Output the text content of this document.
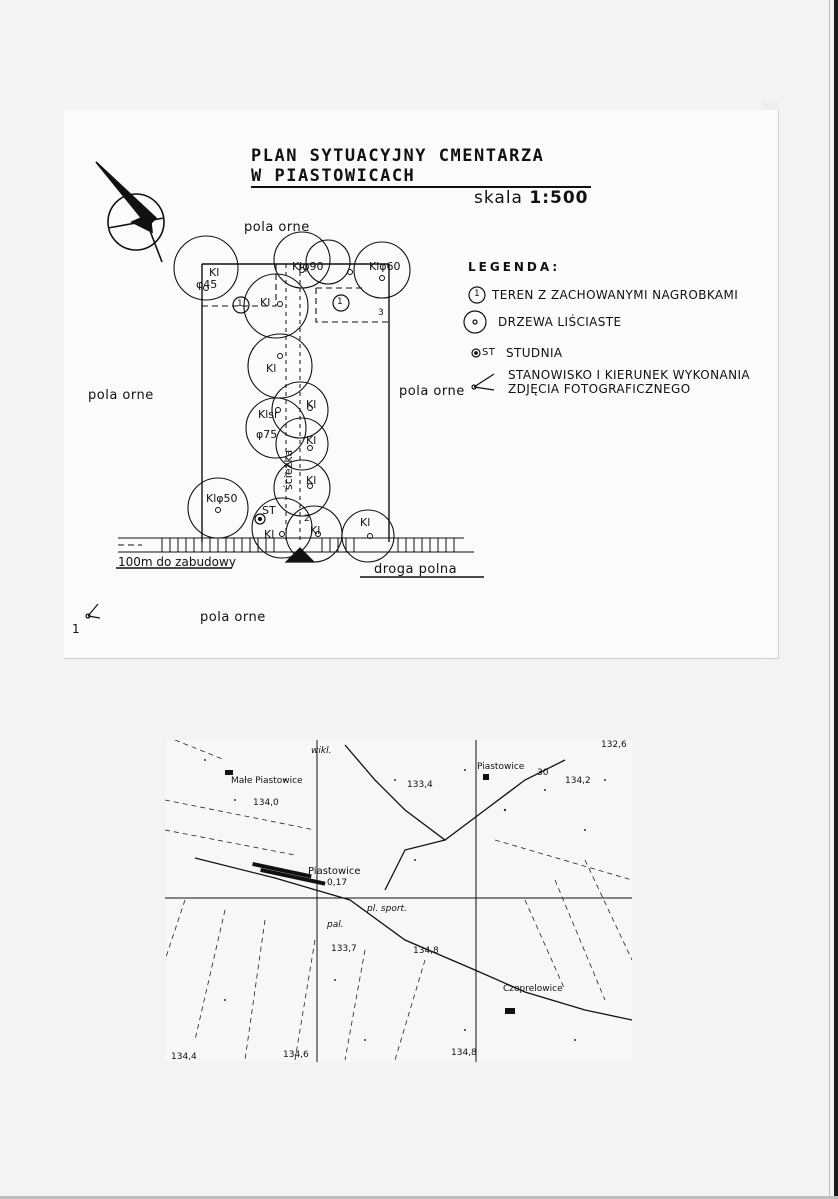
PLAN SYTUACYJNY CMENTARZA
W PIASTOWICACH
skala 1:500
pola orne
pola orne	pola orne
pola orne
droga polna
100m do zabudowy
ścieżka
1
Kl
φ45
Klφ90	Klφ60
Kl
Kl
Kl
Klsr
φ75	Kl
Kl
Kl	Kl
Klφ50
Kl
ST
1	1
2
3
LEGENDA:
1 TEREN Z ZACHOWANYMI NAGROBKAMI
DRZEWA LIŚCIASTE
ST STUDNIA
STANOWISKO I KIERUNEK WYKONANIA
ZDJĘCIA FOTOGRAFICZNEGO
Małe Piastowice
Piastowice
Piastowice
Czeprelowice
wikl.
pl. sport.
pal.
132,6
133,4	134,2
134,0
0,17
133,7	134,8
134,4	134,6	134,8
30
